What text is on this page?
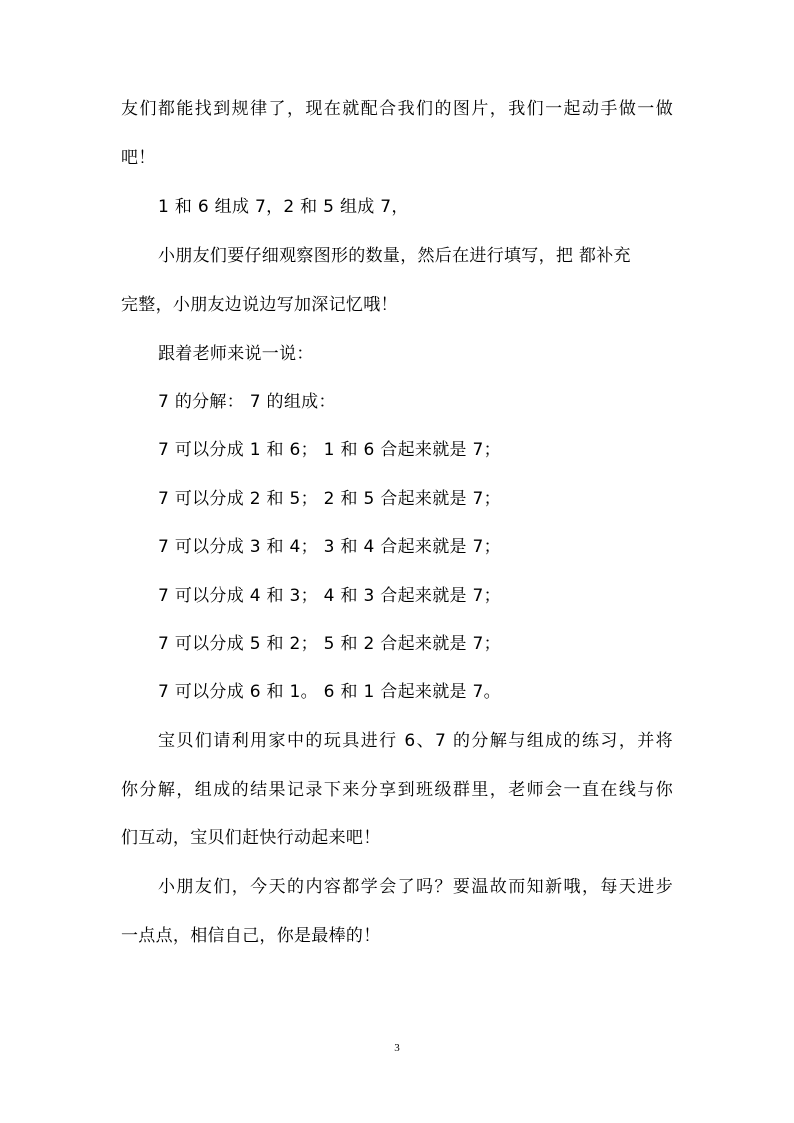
友们都能找到规律了，现在就配合我们的图片，我们一起动手做一做

吧！

1 和 6 组成 7，2 和 5 组成 7，

小朋友们要仔细观察图形的数量，然后在进行填写，把 都补充

完整，小朋友边说边写加深记忆哦！

跟着老师来说一说：

7 的分解： 7 的组成：

7 可以分成 1 和 6； 1 和 6 合起来就是 7；

7 可以分成 2 和 5； 2 和 5 合起来就是 7；

7 可以分成 3 和 4； 3 和 4 合起来就是 7；

7 可以分成 4 和 3； 4 和 3 合起来就是 7；

7 可以分成 5 和 2； 5 和 2 合起来就是 7；

7 可以分成 6 和 1。 6 和 1 合起来就是 7。

宝贝们请利用家中的玩具进行 6、7 的分解与组成的练习，并将

你分解，组成的结果记录下来分享到班级群里，老师会一直在线与你

们互动，宝贝们赶快行动起来吧！

小朋友们，今天的内容都学会了吗？要温故而知新哦，每天进步

一点点，相信自己，你是最棒的！

3
